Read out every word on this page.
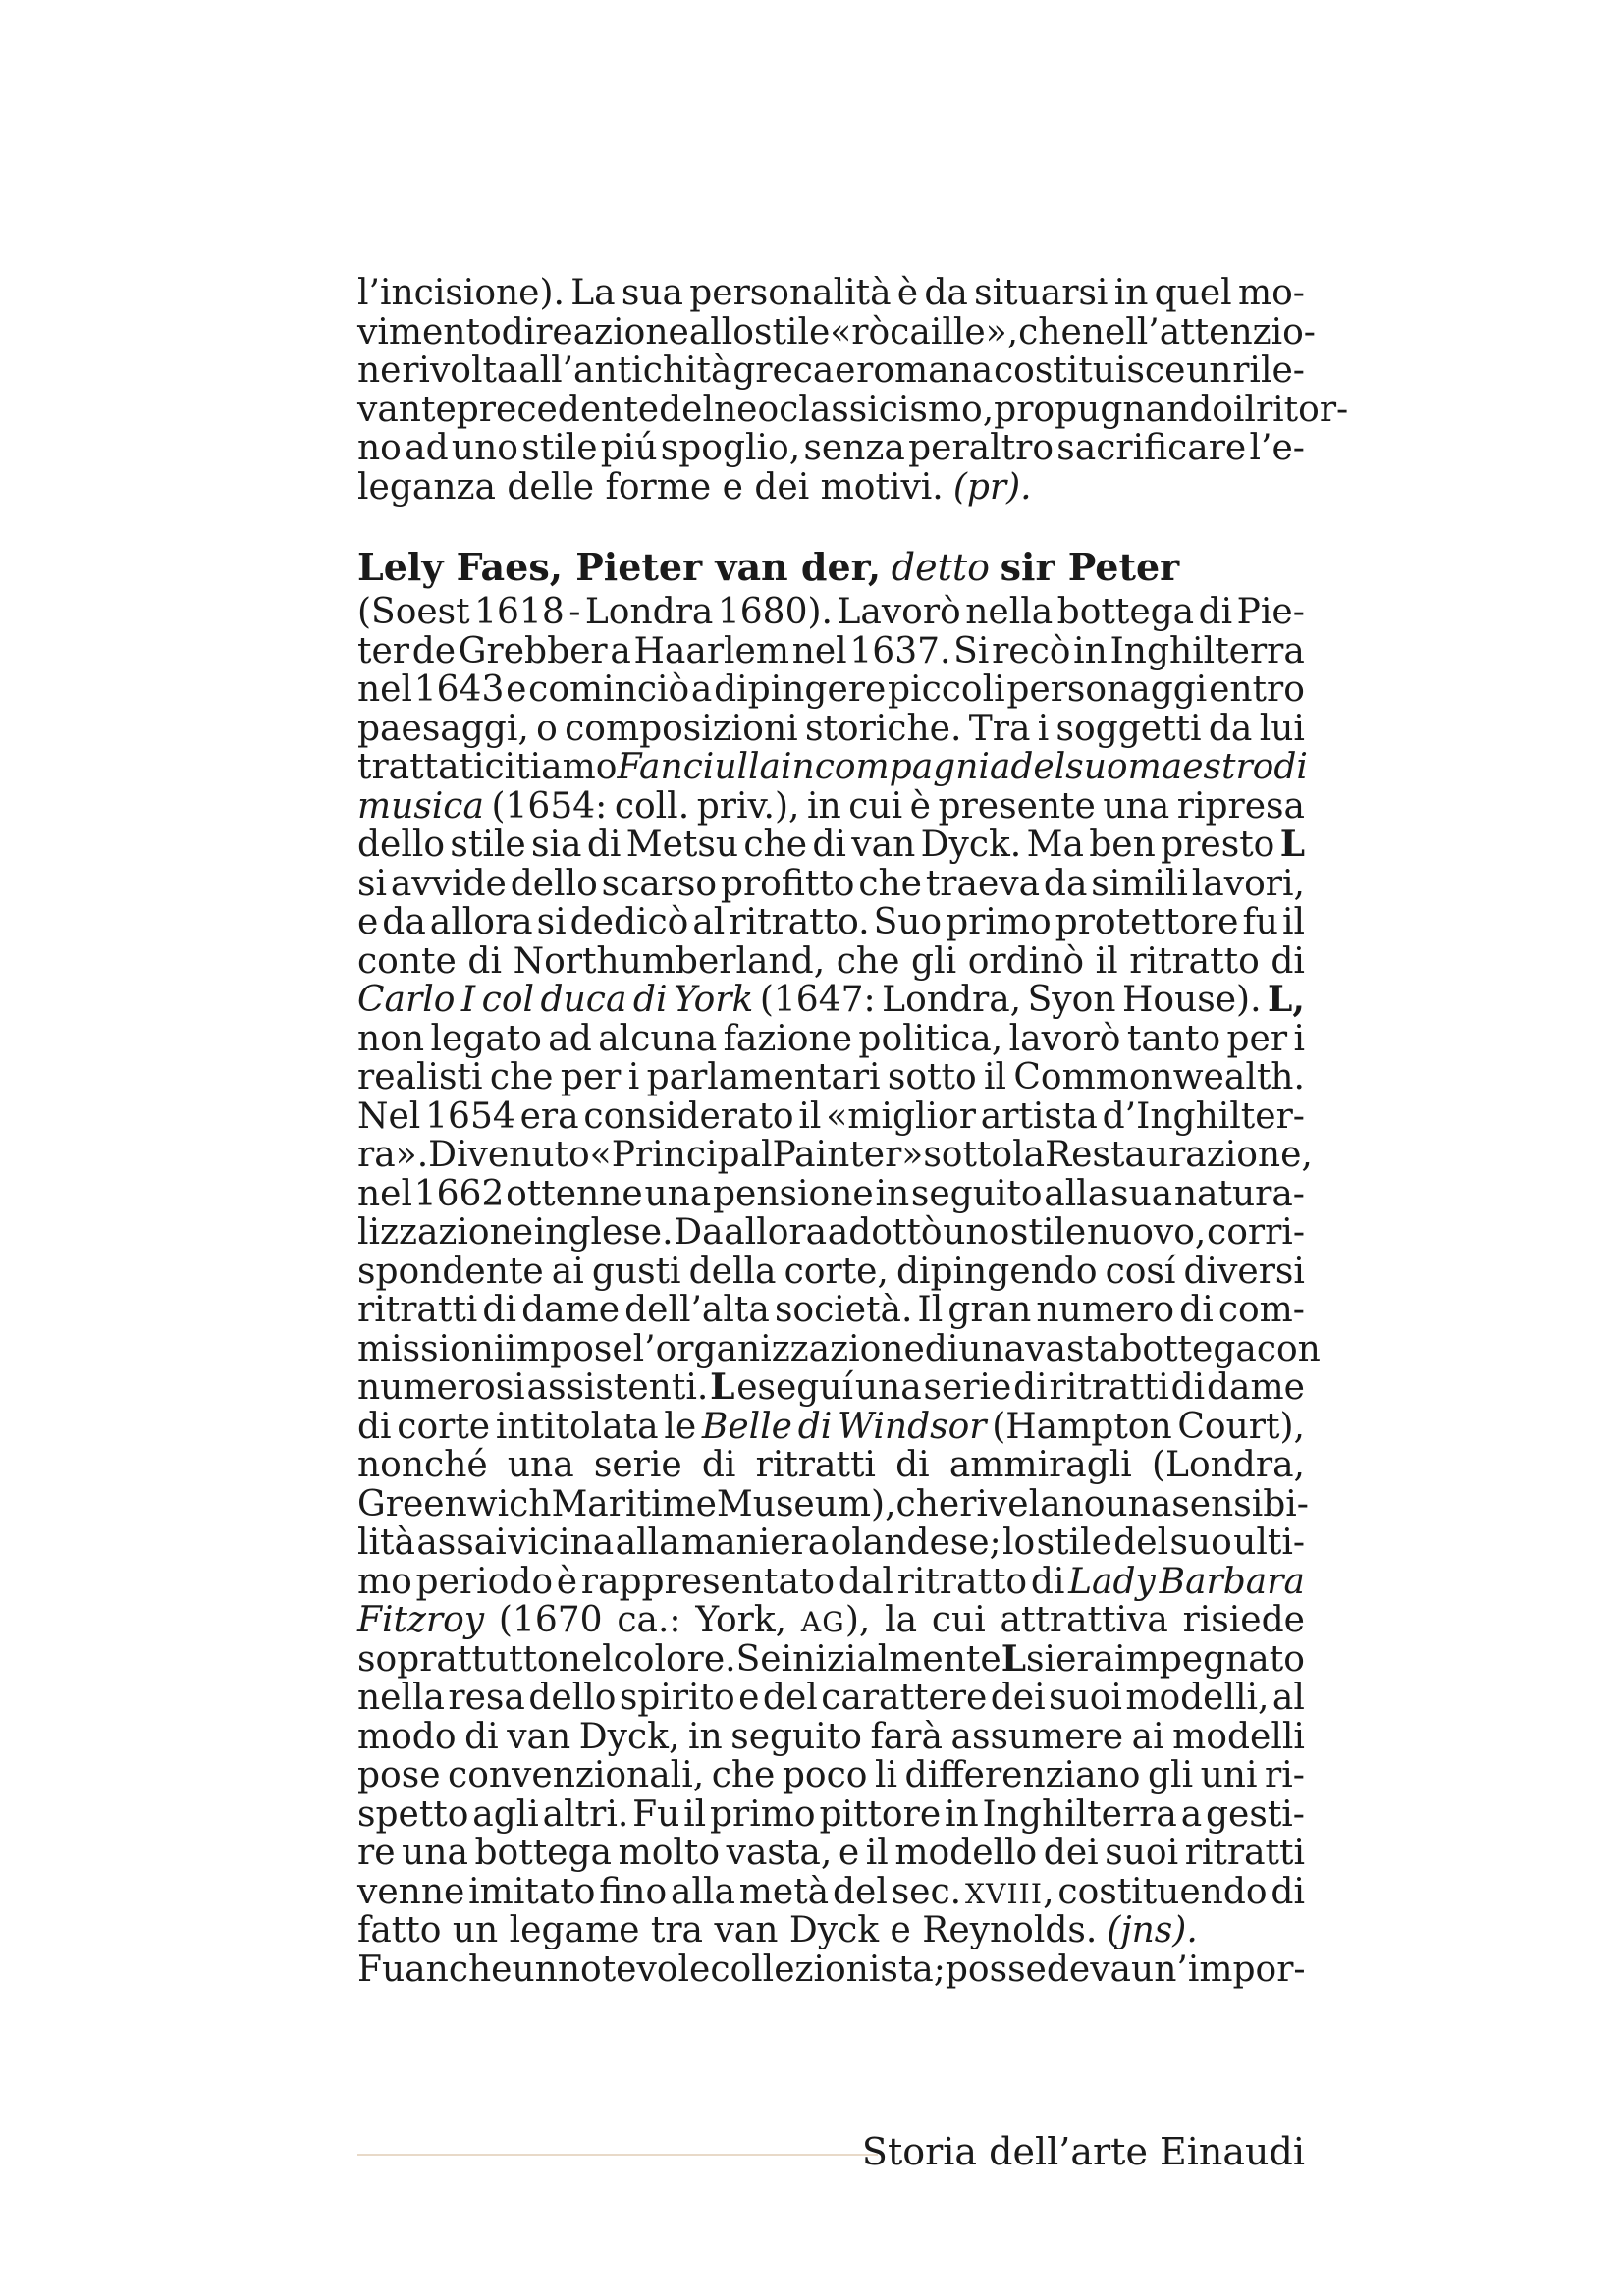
l’incisione). La sua personalità è da situarsi in quel mo-
vimento di reazione allo stile «ròcaille», che nell’attenzio-
ne rivolta all’antichità greca e romana costituisce un rile-
vante precedente del neoclassicismo, propugnando il ritor-
no ad uno stile piú spoglio, senza peraltro sacrificare l’e-
leganza delle forme e dei motivi. (pr).
Lely Faes, Pieter van der, detto sir Peter
(Soest 1618 - Londra 1680). Lavorò nella bottega di Pie-
ter de Grebber a Haarlem nel 1637. Si recò in Inghilterra
nel 1643 e cominciò a dipingere piccoli personaggi entro
paesaggi, o composizioni storiche. Tra i soggetti da lui
trattati citiamo Fanciulla in compagnia del suo maestro di
musica (1654: coll. priv.), in cui è presente una ripresa
dello stile sia di Metsu che di van Dyck. Ma ben presto L
si avvide dello scarso profitto che traeva da simili lavori,
e da allora si dedicò al ritratto. Suo primo protettore fu il
conte di Northumberland, che gli ordinò il ritratto di
Carlo I col duca di York (1647: Londra, Syon House). L,
non legato ad alcuna fazione politica, lavorò tanto per i
realisti che per i parlamentari sotto il Commonwealth.
Nel 1654 era considerato il «miglior artista d’Inghilter-
ra». Divenuto «Principal Painter» sotto la Restaurazione,
nel 1662 ottenne una pensione in seguito alla sua natura-
lizzazione inglese. Da allora adottò uno stile nuovo, corri-
spondente ai gusti della corte, dipingendo cosí diversi
ritratti di dame dell’alta società. Il gran numero di com-
missioni impose l’organizzazione di una vasta bottega con
numerosi assistenti. L eseguí una serie di ritratti di dame
di corte intitolata le Belle di Windsor (Hampton Court),
nonché una serie di ritratti di ammiragli (Londra,
Greenwich Maritime Museum), che rivelano una sensibi-
lità assai vicina alla maniera olandese; lo stile del suo ulti-
mo periodo è rappresentato dal ritratto di Lady Barbara
Fitzroy (1670 ca.: York, AG), la cui attrattiva risiede
soprattutto nel colore. Se inizialmente L si era impegnato
nella resa dello spirito e del carattere dei suoi modelli, al
modo di van Dyck, in seguito farà assumere ai modelli
pose convenzionali, che poco li differenziano gli uni ri-
spetto agli altri. Fu il primo pittore in Inghilterra a gesti-
re una bottega molto vasta, e il modello dei suoi ritratti
venne imitato fino alla metà del sec. XVIII, costituendo di
fatto un legame tra van Dyck e Reynolds. (jns).
Fu anche un notevole collezionista; possedeva un’impor-
Storia dell’arte Einaudi
